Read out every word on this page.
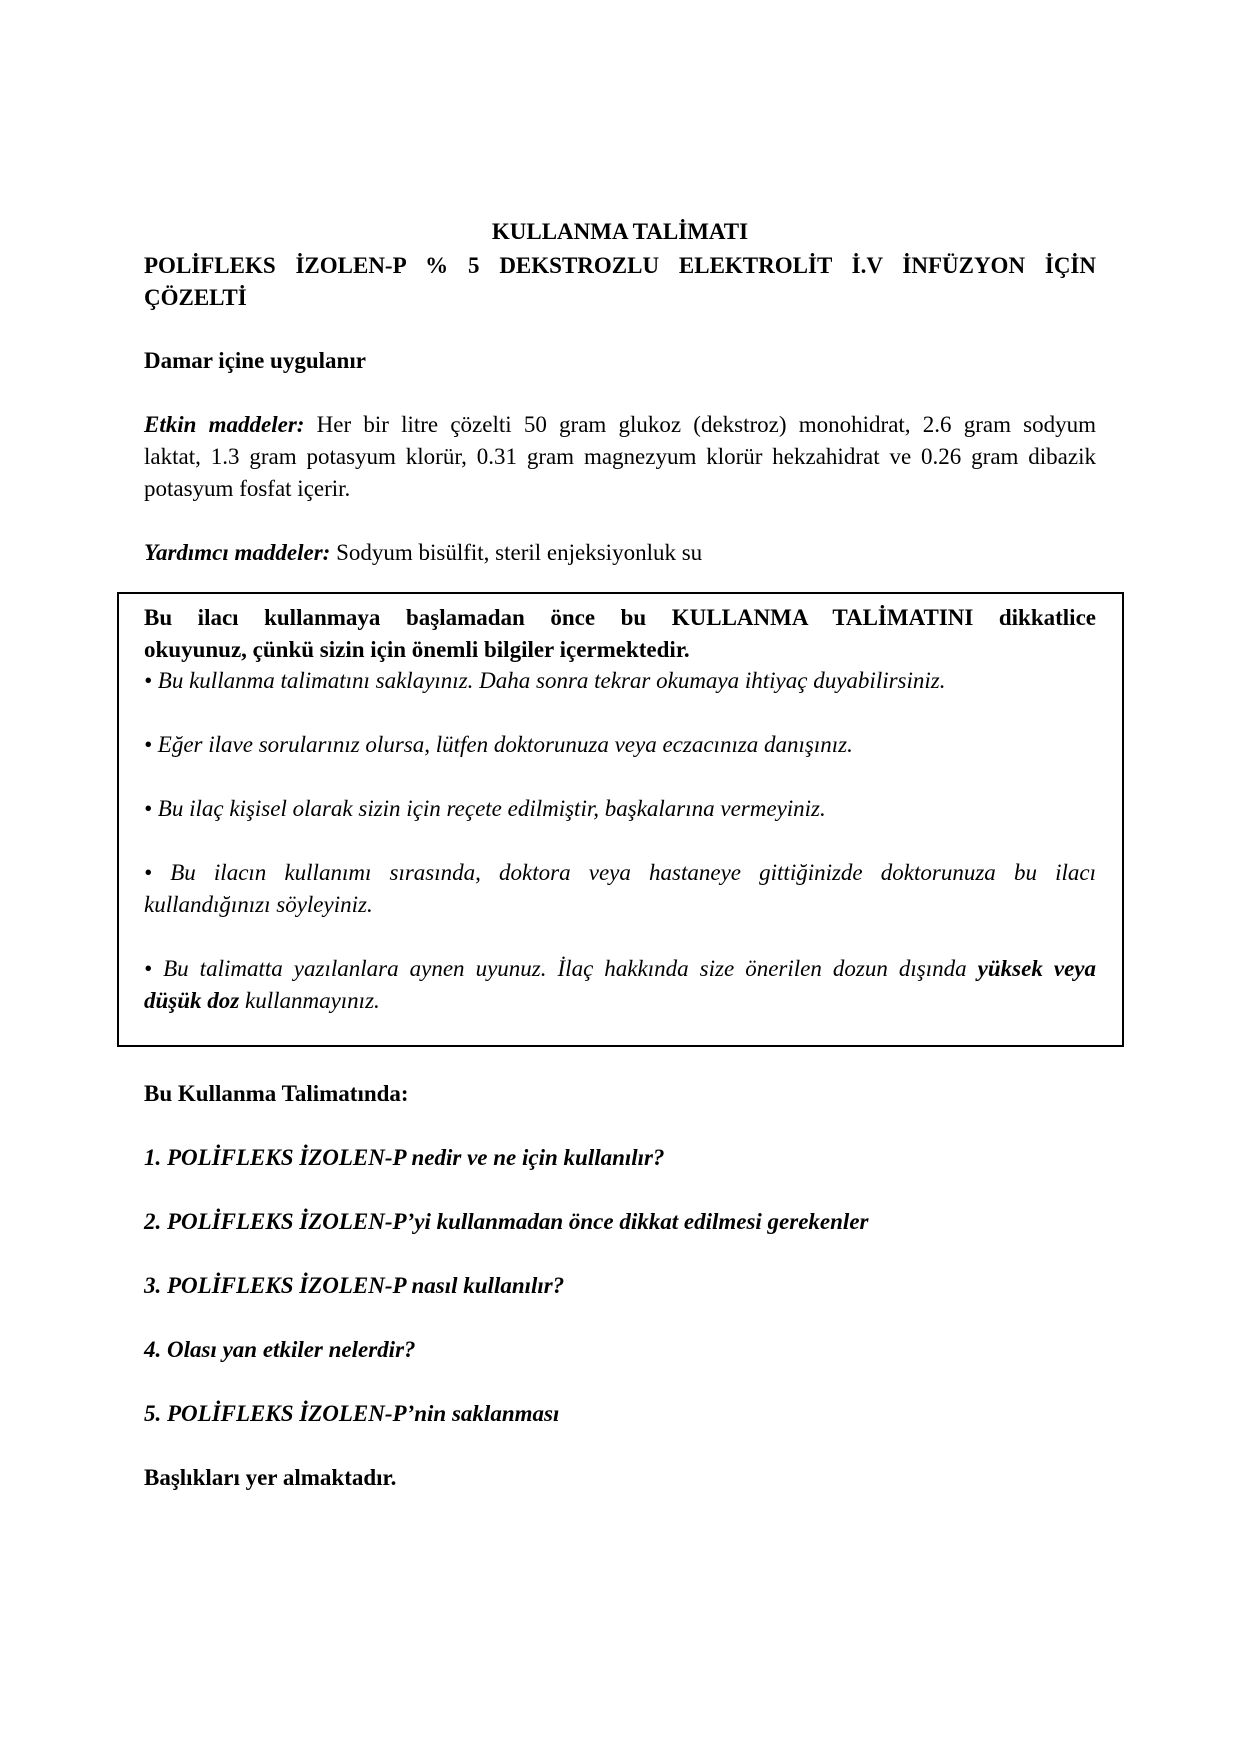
KULLANMA TALİMATI
POLİFLEKS İZOLEN-P % 5 DEKSTROZLU ELEKTROLİT İ.V İNFÜZYON İÇİN
ÇÖZELTİ
Damar içine uygulanır
Etkin maddeler: Her bir litre çözelti 50 gram glukoz (dekstroz) monohidrat, 2.6 gram sodyum
laktat, 1.3 gram potasyum klorür, 0.31 gram magnezyum klorür hekzahidrat ve 0.26 gram dibazik
potasyum fosfat içerir.
Yardımcı maddeler: Sodyum bisülfit, steril enjeksiyonluk su
Bu ilacı kullanmaya başlamadan önce bu KULLANMA TALİMATINI dikkatlice
okuyunuz, çünkü sizin için önemli bilgiler içermektedir.
• Bu kullanma talimatını saklayınız. Daha sonra tekrar okumaya ihtiyaç duyabilirsiniz.
• Eğer ilave sorularınız olursa, lütfen doktorunuza veya eczacınıza danışınız.
• Bu ilaç kişisel olarak sizin için reçete edilmiştir, başkalarına vermeyiniz.
• Bu ilacın kullanımı sırasında, doktora veya hastaneye gittiğinizde doktorunuza bu ilacı
kullandığınızı söyleyiniz.
• Bu talimatta yazılanlara aynen uyunuz. İlaç hakkında size önerilen dozun dışında yüksek veya
düşük doz kullanmayınız.
Bu Kullanma Talimatında:
1. POLİFLEKS İZOLEN-P nedir ve ne için kullanılır?
2. POLİFLEKS İZOLEN-P’yi kullanmadan önce dikkat edilmesi gerekenler
3. POLİFLEKS İZOLEN-P nasıl kullanılır?
4. Olası yan etkiler nelerdir?
5. POLİFLEKS İZOLEN-P’nin saklanması
Başlıkları yer almaktadır.
